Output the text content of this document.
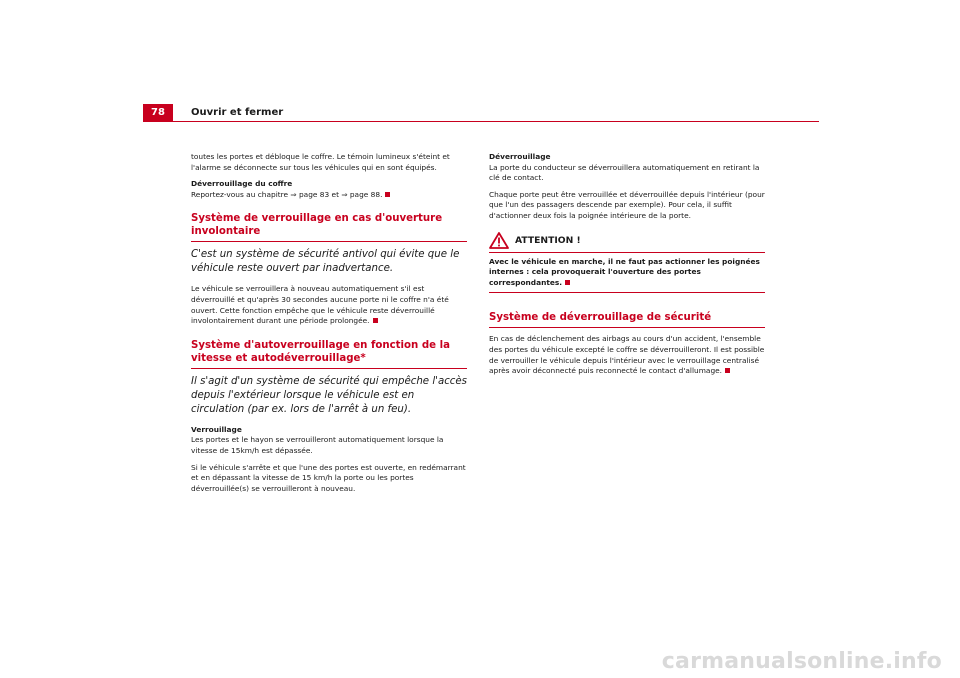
78	Ouvrir et fermer

toutes les portes et débloque le coffre. Le témoin lumineux s'éteint et l'alarme se déconnecte sur tous les véhicules qui en sont équipés.

Déverrouillage du coffre

Reportez-vous au chapitre ⇒ page 83 et ⇒ page 88.

Système de verrouillage en cas d'ouverture involontaire
C'est un système de sécurité antivol qui évite que le véhicule reste ouvert par inadvertance.

Le véhicule se verrouillera à nouveau automatiquement s'il est déverrouillé et qu'après 30 secondes aucune porte ni le coffre n'a été ouvert. Cette fonction empêche que le véhicule reste déverrouillé involontairement durant une période prolongée.

Système d'autoverrouillage en fonction de la vitesse et autodéverrouillage*
Il s'agit d'un système de sécurité qui empêche l'accès depuis l'extérieur lorsque le véhicule est en circulation (par ex. lors de l'arrêt à un feu).
Verrouillage

Les portes et le hayon se verrouilleront automatiquement lorsque la vitesse de 15km/h est dépassée.

Si le véhicule s'arrête et que l'une des portes est ouverte, en redémarrant et en dépassant la vitesse de 15 km/h la porte ou les portes déverrouillée(s) se verrouilleront à nouveau.

Déverrouillage

La porte du conducteur se déverrouillera automatiquement en retirant la clé de contact.

Chaque porte peut être verrouillée et déverrouillée depuis l'intérieur (pour que l'un des passagers descende par exemple). Pour cela, il suffit d'actionner deux fois la poignée intérieure de la porte.

ATTENTION !

Avec le véhicule en marche, il ne faut pas actionner les poignées internes : cela provoquerait l'ouverture des portes correspondantes.

Système de déverrouillage de sécurité

En cas de déclenchement des airbags au cours d'un accident, l'ensemble des portes du véhicule excepté le coffre se déverrouilleront. Il est possible de verrouiller le véhicule depuis l'intérieur avec le verrouillage centralisé après avoir déconnecté puis reconnecté le contact d'allumage.

carmanualsonline.info
